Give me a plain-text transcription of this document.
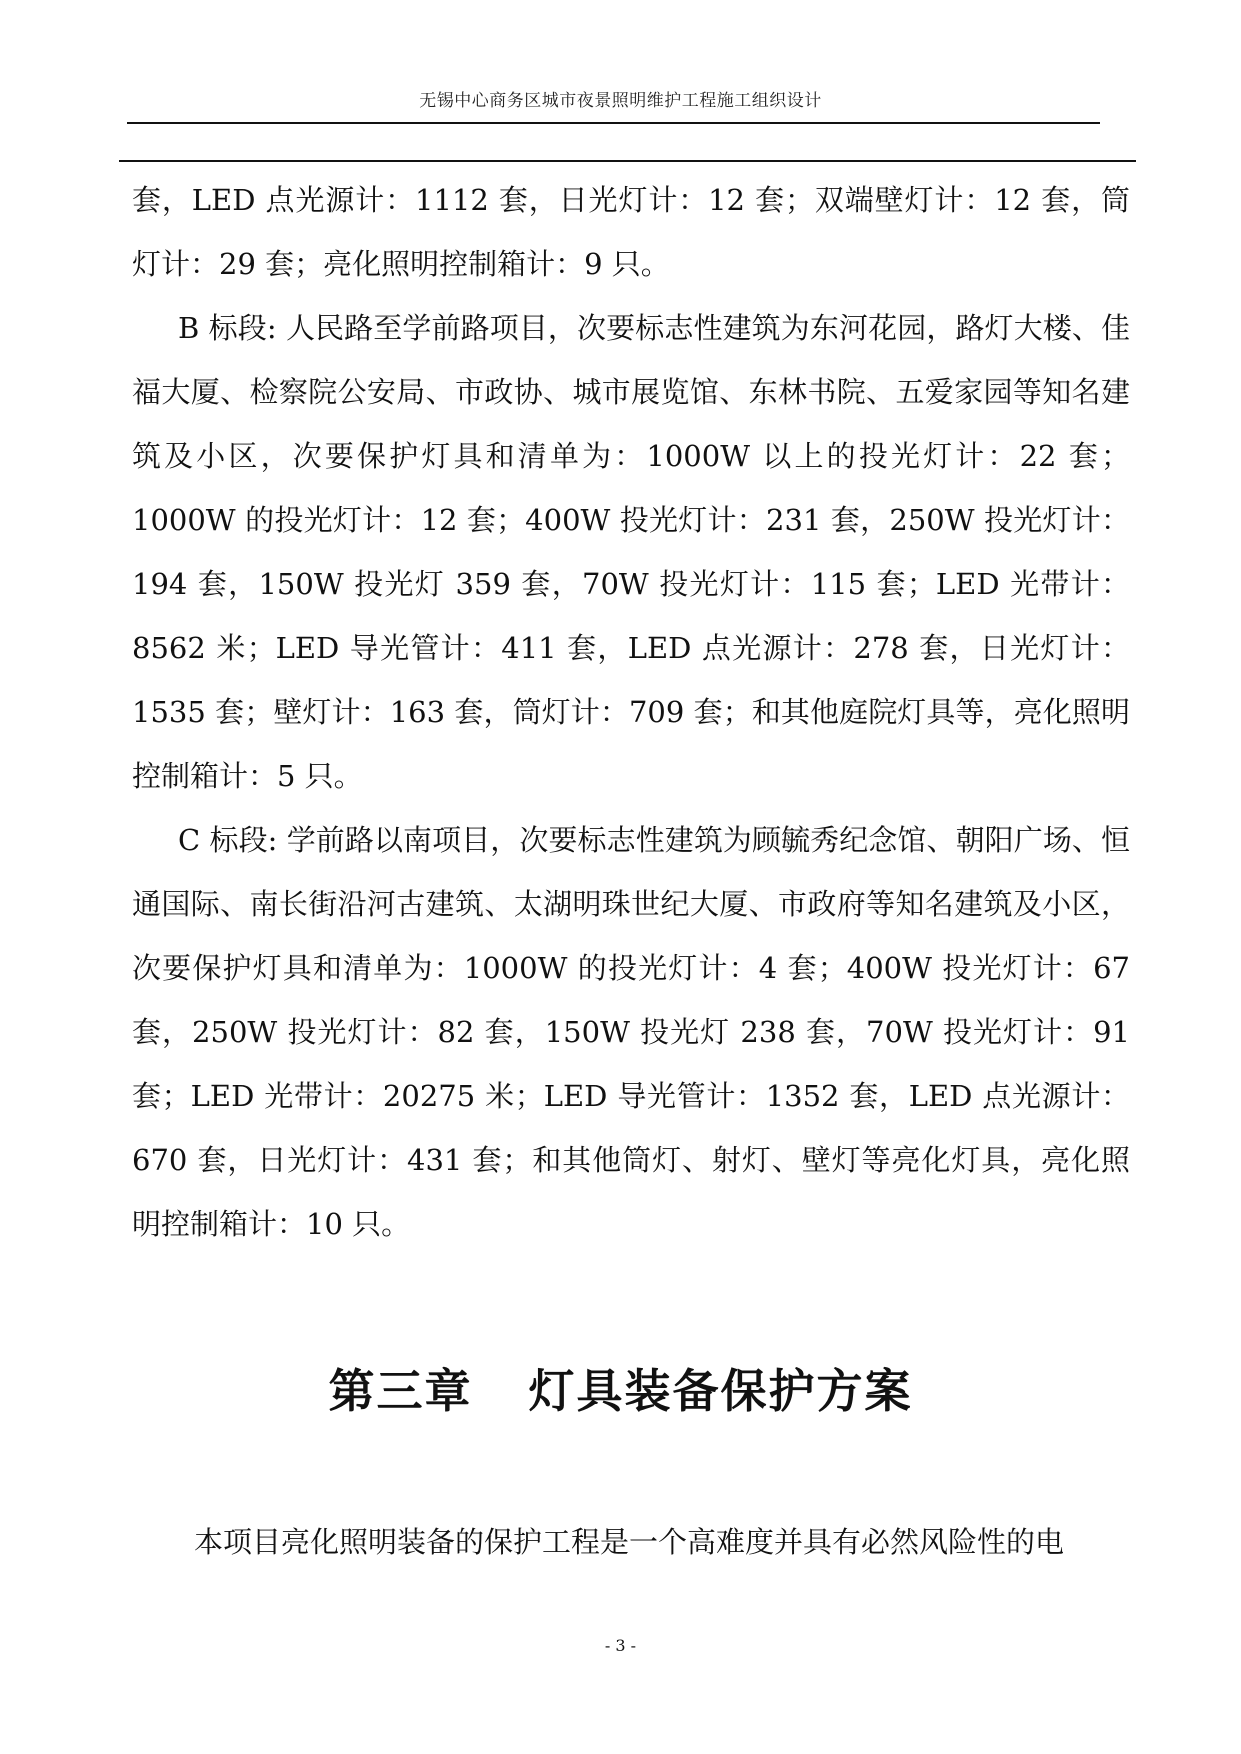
无锡中心商务区城市夜景照明维护工程施工组织设计

套，LED 点光源计：1112 套，日光灯计：12 套；双端壁灯计：12 套，筒灯计：29 套；亮化照明控制箱计：9 只。

B 标段: 人民路至学前路项目，次要标志性建筑为东河花园，路灯大楼、佳福大厦、检察院公安局、市政协、城市展览馆、东林书院、五爱家园等知名建筑及小区，次要保护灯具和清单为：1000W 以上的投光灯计：22 套；1000W 的投光灯计：12 套；400W 投光灯计：231 套，250W 投光灯计：194 套，150W 投光灯 359 套，70W 投光灯计：115 套；LED 光带计：8562 米；LED 导光管计：411 套，LED 点光源计：278 套，日光灯计：1535 套；壁灯计：163 套，筒灯计：709 套；和其他庭院灯具等，亮化照明控制箱计：5 只。

C 标段: 学前路以南项目，次要标志性建筑为顾毓秀纪念馆、朝阳广场、恒通国际、南长街沿河古建筑、太湖明珠世纪大厦、市政府等知名建筑及小区，次要保护灯具和清单为：1000W 的投光灯计：4 套；400W 投光灯计：67 套，250W 投光灯计：82 套，150W 投光灯 238 套，70W 投光灯计：91 套；LED 光带计：20275 米；LED 导光管计：1352 套，LED 点光源计：670 套，日光灯计：431 套；和其他筒灯、射灯、壁灯等亮化灯具，亮化照明控制箱计：10 只。

第三章 灯具装备保护方案

本项目亮化照明装备的保护工程是一个高难度并具有必然风险性的电

- 3 -
